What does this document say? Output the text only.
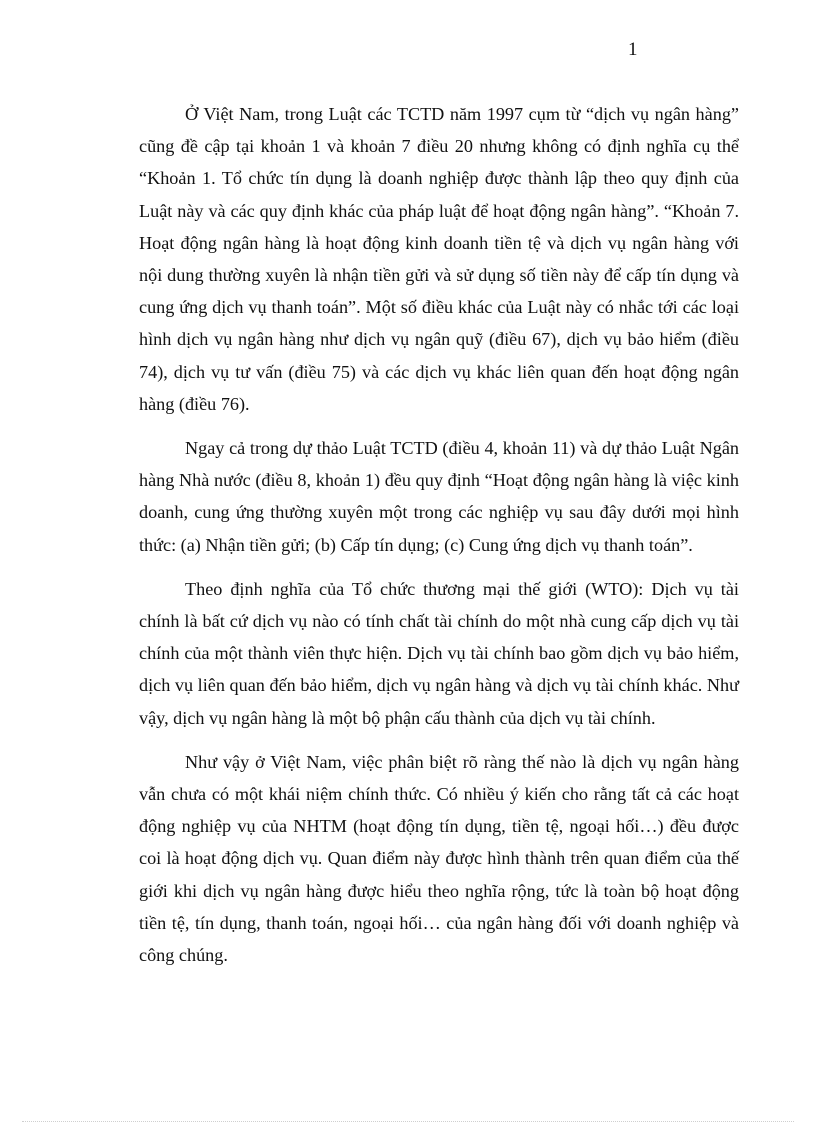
1

Ở Việt Nam, trong Luật các TCTD năm 1997 cụm từ “dịch vụ ngân hàng” cũng đề cập tại khoản 1 và khoản 7 điều 20 nhưng không có định nghĩa cụ thể “Khoản 1. Tổ chức tín dụng là doanh nghiệp được thành lập theo quy định của Luật này và các quy định khác của pháp luật để hoạt động ngân hàng”. “Khoản 7. Hoạt động ngân hàng là hoạt động kinh doanh tiền tệ và dịch vụ ngân hàng với nội dung thường xuyên là nhận tiền gửi và sử dụng số tiền này để cấp tín dụng và cung ứng dịch vụ thanh toán”. Một số điều khác của Luật này có nhắc tới các loại hình dịch vụ ngân hàng như dịch vụ ngân quỹ (điều 67), dịch vụ bảo hiểm (điều 74), dịch vụ tư vấn (điều 75) và các dịch vụ khác liên quan đến hoạt động ngân hàng (điều 76).

Ngay cả trong dự thảo Luật TCTD (điều 4, khoản 11) và dự thảo Luật Ngân hàng Nhà nước (điều 8, khoản 1) đều quy định “Hoạt động ngân hàng là việc kinh doanh, cung ứng thường xuyên một trong các nghiệp vụ sau đây dưới mọi hình thức: (a) Nhận tiền gửi; (b) Cấp tín dụng; (c) Cung ứng dịch vụ thanh toán”.

Theo định nghĩa của Tổ chức thương mại thế giới (WTO): Dịch vụ tài chính là bất cứ dịch vụ nào có tính chất tài chính do một nhà cung cấp dịch vụ tài chính của một thành viên thực hiện. Dịch vụ tài chính bao gồm dịch vụ bảo hiểm, dịch vụ liên quan đến bảo hiểm, dịch vụ ngân hàng và dịch vụ tài chính khác. Như vậy, dịch vụ ngân hàng là một bộ phận cấu thành của dịch vụ tài chính.

Như vậy ở Việt Nam, việc phân biệt rõ ràng thế nào là dịch vụ ngân hàng vẫn chưa có một khái niệm chính thức. Có nhiều ý kiến cho rằng tất cả các hoạt động nghiệp vụ của NHTM (hoạt động tín dụng, tiền tệ, ngoại hối…) đều được coi là hoạt động dịch vụ. Quan điểm này được hình thành trên quan điểm của thế giới khi dịch vụ ngân hàng được hiểu theo nghĩa rộng, tức là toàn bộ hoạt động tiền tệ, tín dụng, thanh toán, ngoại hối… của ngân hàng đối với doanh nghiệp và công chúng.
